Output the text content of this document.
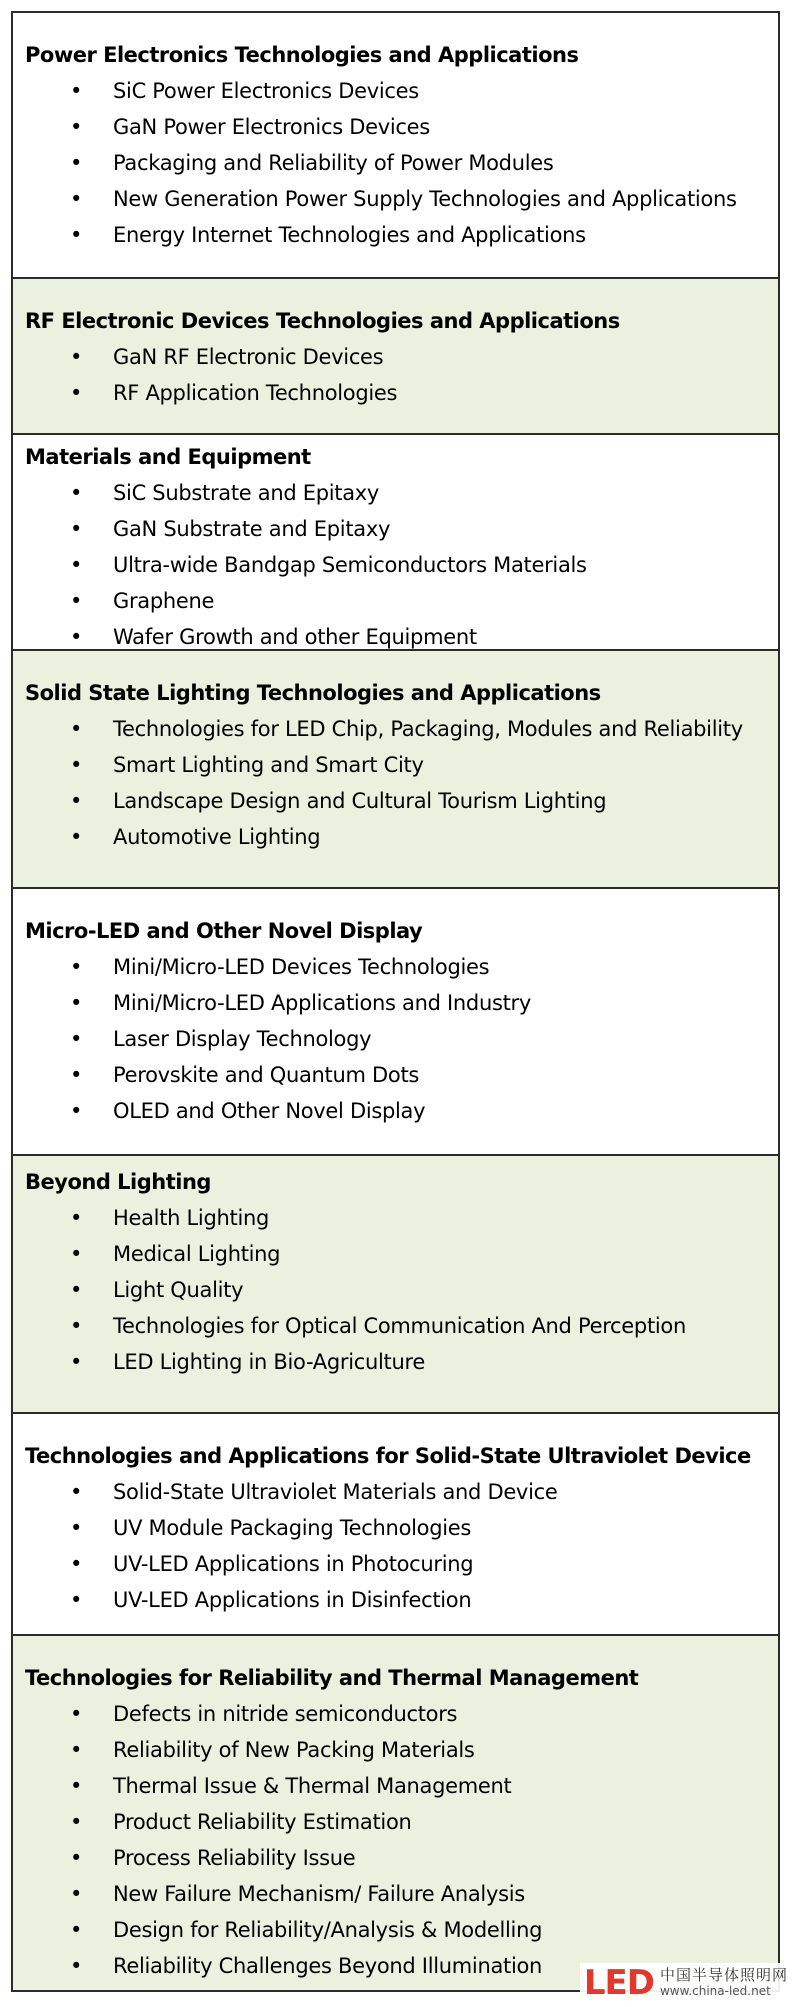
Power Electronics Technologies and Applications
• SiC Power Electronics Devices
• GaN Power Electronics Devices
• Packaging and Reliability of Power Modules
• New Generation Power Supply Technologies and Applications
• Energy Internet Technologies and Applications
RF Electronic Devices Technologies and Applications
• GaN RF Electronic Devices
• RF Application Technologies
Materials and Equipment
• SiC Substrate and Epitaxy
• GaN Substrate and Epitaxy
• Ultra-wide Bandgap Semiconductors Materials
• Graphene
• Wafer Growth and other Equipment
Solid State Lighting Technologies and Applications
• Technologies for LED Chip, Packaging, Modules and Reliability
• Smart Lighting and Smart City
• Landscape Design and Cultural Tourism Lighting
• Automotive Lighting
Micro-LED and Other Novel Display
• Mini/Micro-LED Devices Technologies
• Mini/Micro-LED Applications and Industry
• Laser Display Technology
• Perovskite and Quantum Dots
• OLED and Other Novel Display
Beyond Lighting
• Health Lighting
• Medical Lighting
• Light Quality
• Technologies for Optical Communication And Perception
• LED Lighting in Bio-Agriculture
Technologies and Applications for Solid-State Ultraviolet Device
• Solid-State Ultraviolet Materials and Device
• UV Module Packaging Technologies
• UV-LED Applications in Photocuring
• UV-LED Applications in Disinfection
Technologies for Reliability and Thermal Management
• Defects in nitride semiconductors
• Reliability of New Packing Materials
• Thermal Issue & Thermal Management
• Product Reliability Estimation
• Process Reliability Issue
• New Failure Mechanism/ Failure Analysis
• Design for Reliability/Analysis & Modelling
• Reliability Challenges Beyond Illumination	LED 中国半导体照明网
www.china-led.net
